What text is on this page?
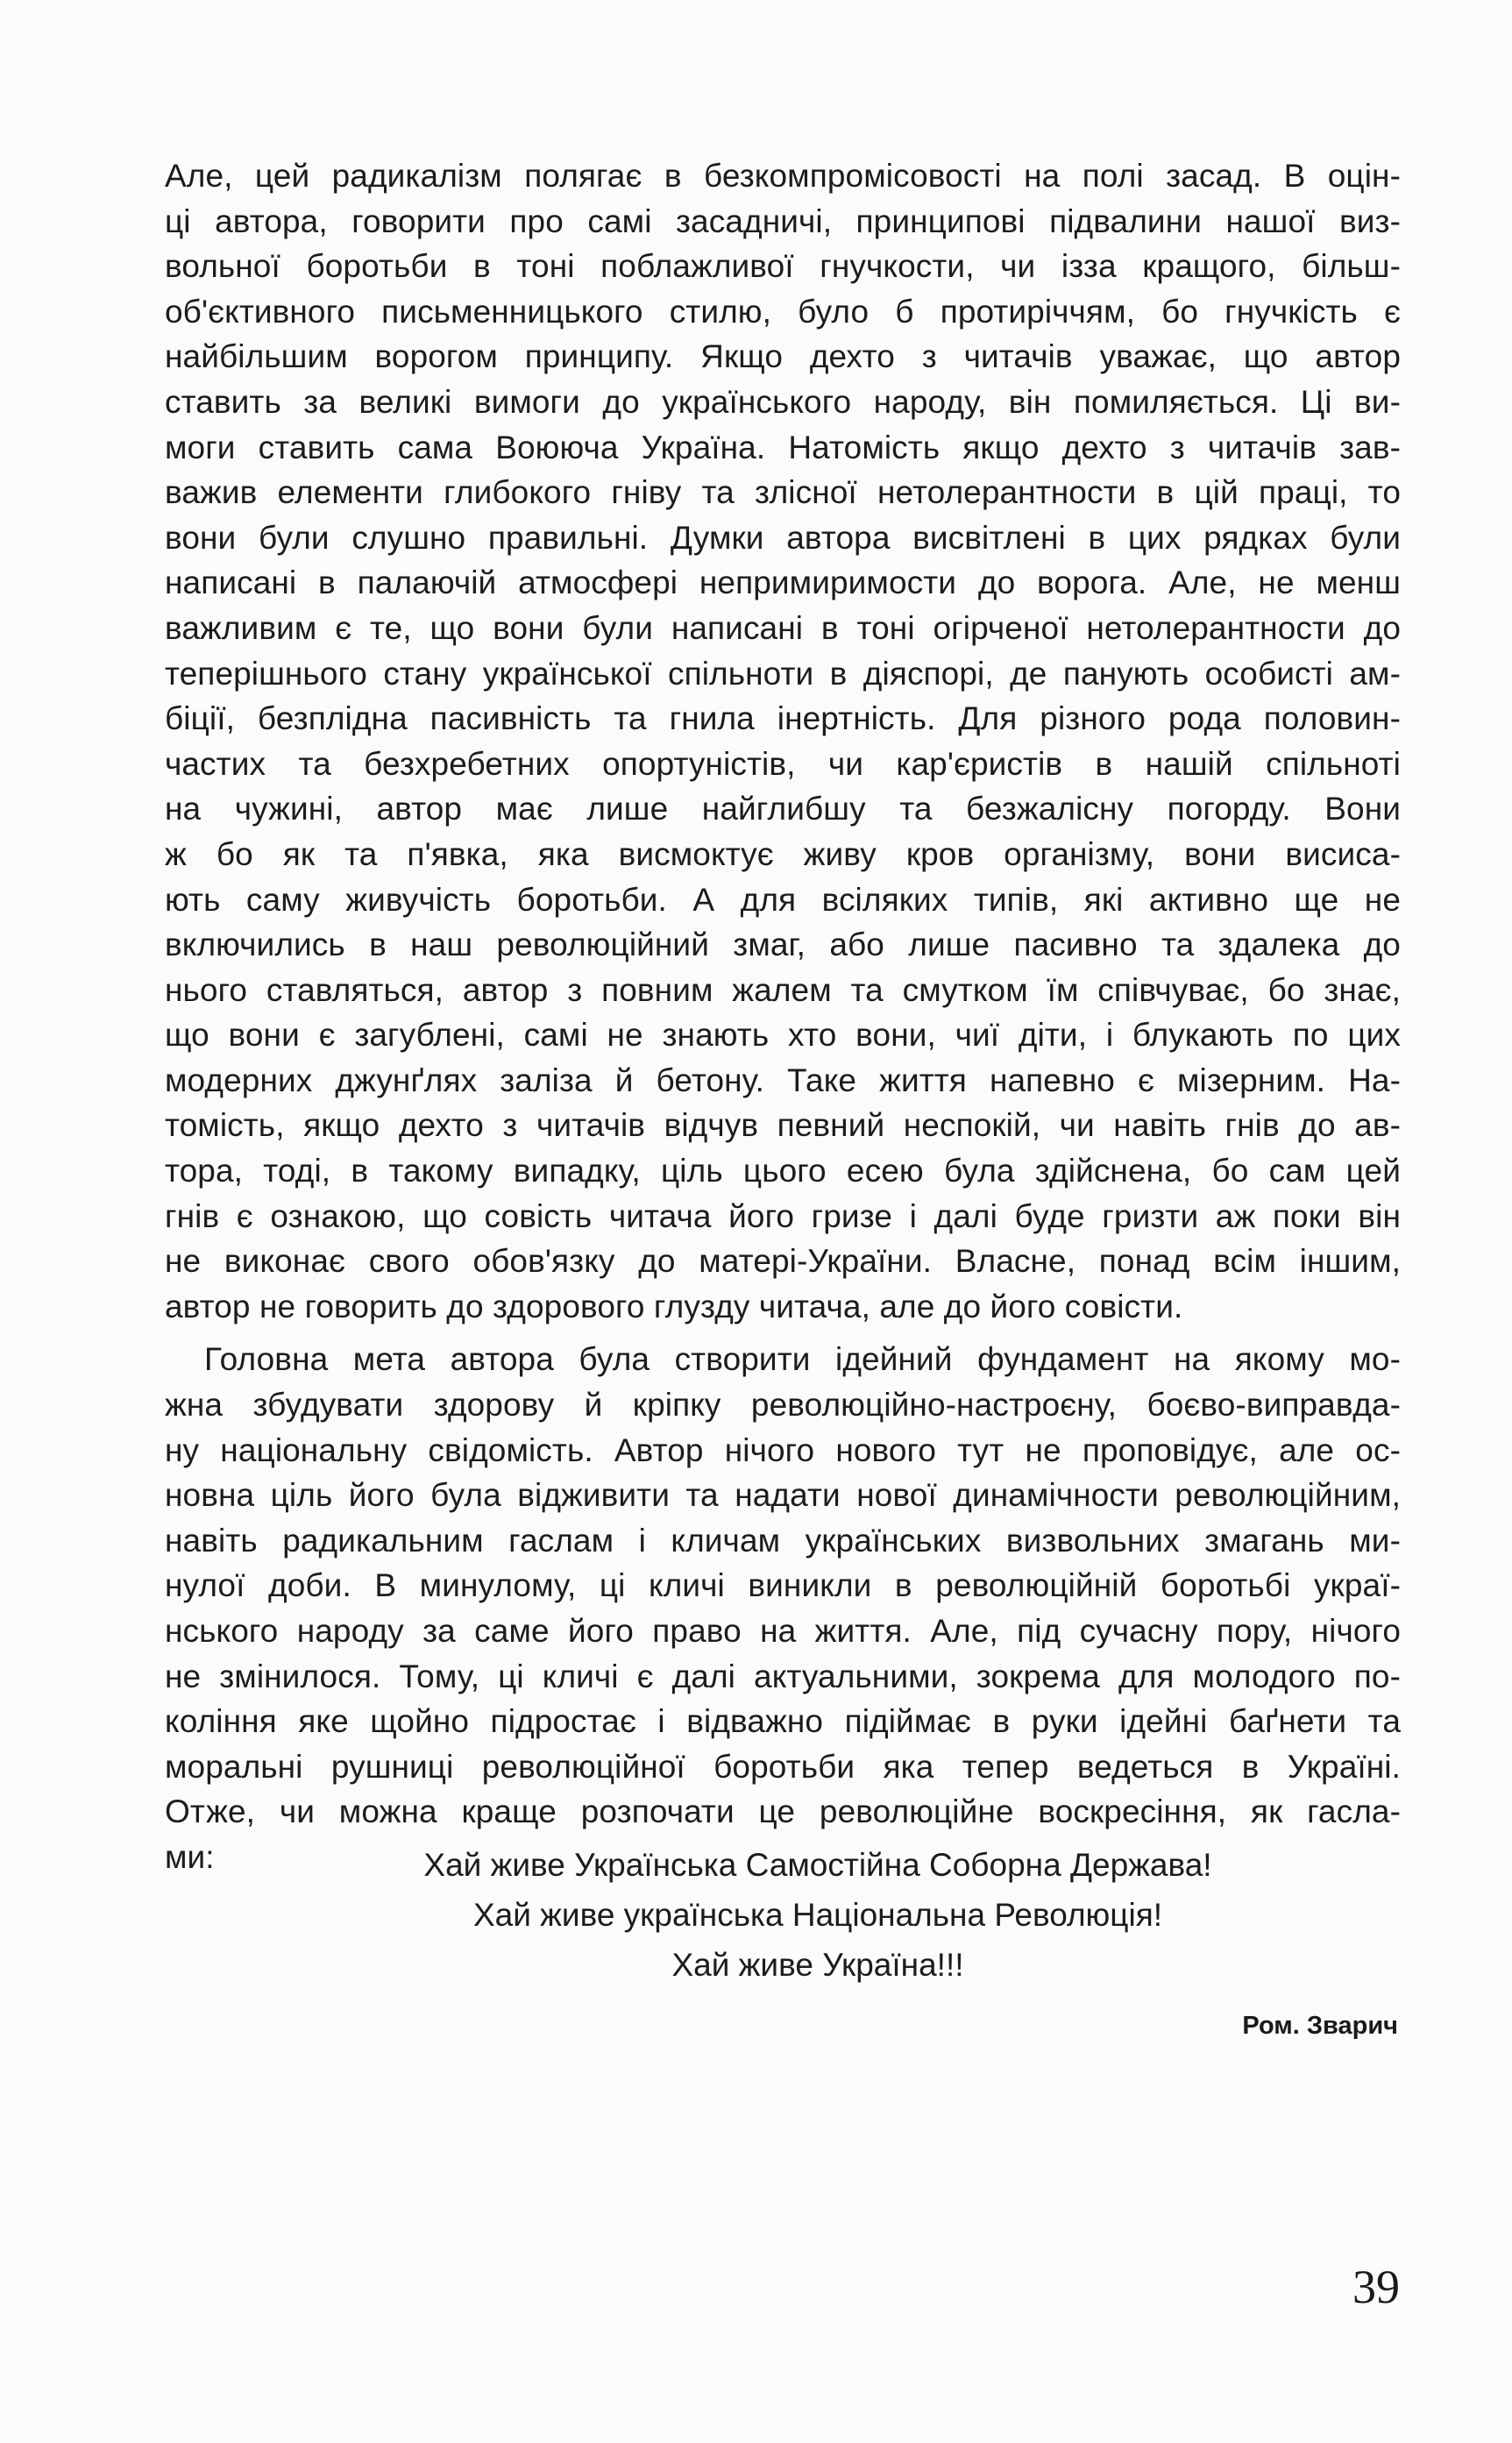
Але, цей радикалізм полягає в безкомпромісовості на полі засад. В оцін-
ці автора, говорити про самі засадничі, принципові підвалини нашої виз-
вольної боротьби в тоні поблажливої гнучкости, чи ізза кращого, більш-
об'єктивного письменницького стилю, було б протиріччям, бо гнучкість є
найбільшим ворогом принципу. Якщо дехто з читачів уважає, що автор
ставить за великі вимоги до українського народу, він помиляється. Ці ви-
моги ставить сама Воююча Україна. Натомість якщо дехто з читачів зав-
важив елементи глибокого гніву та злісної нетолерантности в цій праці, то
вони були слушно правильні. Думки автора висвітлені в цих рядках були
написані в палаючій атмосфері непримиримости до ворога. Але, не менш
важливим є те, що вони були написані в тоні огірченої нетолерантности до
теперішнього стану української спільноти в діяспорі, де панують особисті ам-
біції, безплідна пасивність та гнила інертність. Для різного рода половин-
частих та безхребетних опортуністів, чи кар'єристів в нашій спільноті
на чужині, автор має лише найглибшу та безжалісну погорду. Вони
ж бо як та п'явка, яка висмоктує живу кров організму, вони висиса-
ють саму живучість боротьби. А для всіляких типів, які активно ще не
включились в наш революційний змаг, або лише пасивно та здалека до
нього ставляться, автор з повним жалем та смутком їм співчуває, бо знає,
що вони є загублені, самі не знають хто вони, чиї діти, і блукають по цих
модерних джунґлях заліза й бетону. Таке життя напевно є мізерним. На-
томість, якщо дехто з читачів відчув певний неспокій, чи навіть гнів до ав-
тора, тоді, в такому випадку, ціль цього есею була здійснена, бо сам цей
гнів є ознакою, що совість читача його гризе і далі буде гризти аж поки він
не виконає свого обов'язку до матері-України. Власне, понад всім іншим,
автор не говорить до здорового глузду читача, але до його совісти.
Головна мета автора була створити ідейний фундамент на якому мо-
жна збудувати здорову й кріпку революційно-настроєну, боєво-виправда-
ну національну свідомість. Автор нічого нового тут не проповідує, але ос-
новна ціль його була відживити та надати нової динамічности революційним,
навіть радикальним гаслам і кличам українських визвольних змагань ми-
нулої доби. В минулому, ці кличі виникли в революційній боротьбі украї-
нського народу за саме його право на життя. Але, під сучасну пору, нічого
не змінилося. Тому, ці кличі є далі актуальними, зокрема для молодого по-
коління яке щойно підростає і відважно підіймає в руки ідейні баґнети та
моральні рушниці революційної боротьби яка тепер ведеться в Україні.
Отже, чи можна краще розпочати це революційне воскресіння, як гасла-
ми:	Хай живе Українська Самостійна Соборна Держава!
Хай живе українська Національна Революція!
Хай живе Україна!!!
Ром. Зварич
39
